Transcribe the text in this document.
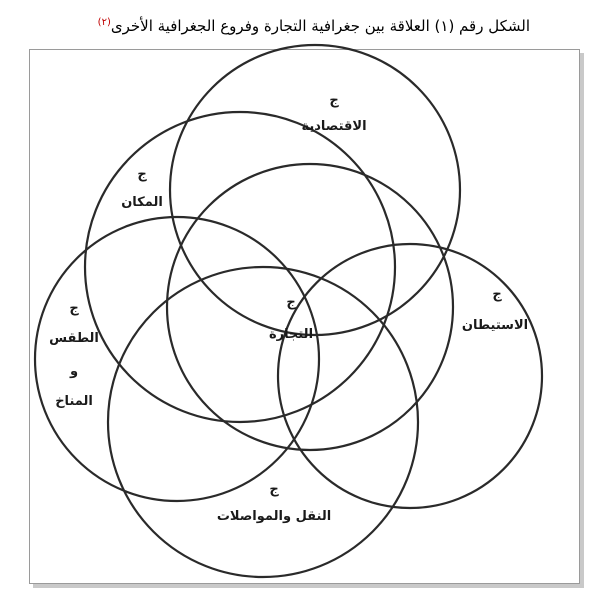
الشكل رقم (١) العلاقة بين جغرافية التجارة وفروع الجغرافية الأخرى$^{(٢)}$
ج
الاقتصادية
ج
المكان
ج
الاستيطان
ج
التجارة
ج
الطقس
و
المناخ
ج
النقل والمواصلات
